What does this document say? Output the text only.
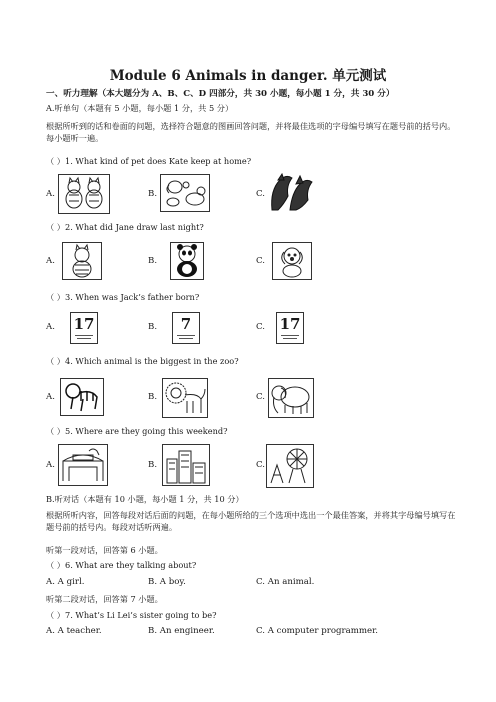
Module 6 Animals in danger. 单元测试
一、听力理解（本大题分为 A、B、C、D 四部分，共 30 小题，每小题 1 分，共 30 分）
A.听单句（本题有 5 小题，每小题 1 分，共 5 分）
根据所听到的话和卷面的问题，选择符合题意的图画回答问题，并将最佳选项的字母编号填写在题号前的括号内。每小题听一遍。
（ ）1. What kind of pet does Kate keep at home?
A.	B.	C.
（ ）2. What did Jane draw last night?
A.	B.	C.
（ ）3. When was Jack’s father born?
A.	B.	C.
17	7	17
（ ）4. Which animal is the biggest in the zoo?
A.	B.	C.
（ ）5. Where are they going this weekend?
A.	B.	C.
B.听对话（本题有 10 小题，每小题 1 分，共 10 分）
根据所听内容，回答每段对话后面的问题，在每小题所给的三个选项中选出一个最佳答案，并将其字母编号填写在题号前的括号内。每段对话听两遍。
听第一段对话，回答第 6 小题。
（ ）6. What are they talking about?
A. A girl.	B. A boy.	C. An animal.
听第二段对话，回答第 7 小题。
（ ）7. What’s Li Lei’s sister going to be?
A. A teacher.	B. An engineer.	C. A computer programmer.
